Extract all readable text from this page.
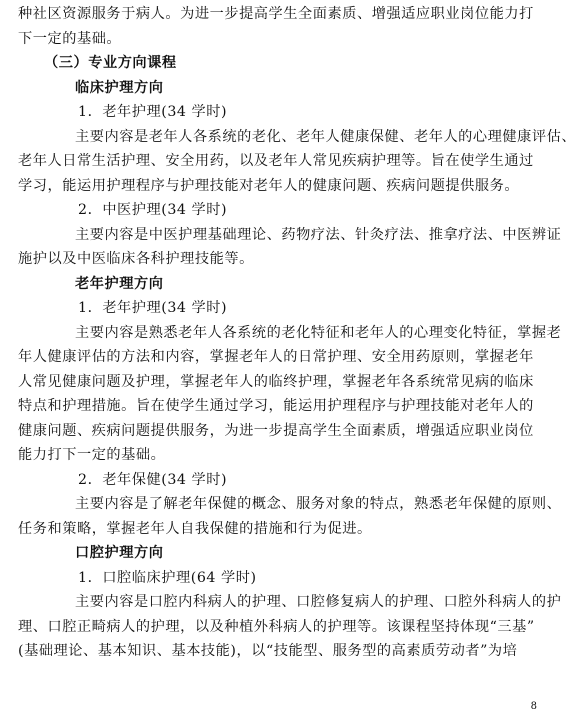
种社区资源服务于病人。为进一步提高学生全面素质、增强适应职业岗位能力打
下一定的基础。
（三）专业方向课程
临床护理方向
1．老年护理(34 学时)
主要内容是老年人各系统的老化、老年人健康保健、老年人的心理健康评估、
老年人日常生活护理、安全用药，以及老年人常见疾病护理等。旨在使学生通过
学习，能运用护理程序与护理技能对老年人的健康问题、疾病问题提供服务。
2．中医护理(34 学时)
主要内容是中医护理基础理论、药物疗法、针灸疗法、推拿疗法、中医辨证
施护以及中医临床各科护理技能等。
老年护理方向
1．老年护理(34 学时)
主要内容是熟悉老年人各系统的老化特征和老年人的心理变化特征，掌握老
年人健康评估的方法和内容，掌握老年人的日常护理、安全用药原则，掌握老年
人常见健康问题及护理，掌握老年人的临终护理，掌握老年各系统常见病的临床
特点和护理措施。旨在使学生通过学习，能运用护理程序与护理技能对老年人的
健康问题、疾病问题提供服务，为进一步提高学生全面素质，增强适应职业岗位
能力打下一定的基础。
2．老年保健(34 学时)
主要内容是了解老年保健的概念、服务对象的特点，熟悉老年保健的原则、
任务和策略，掌握老年人自我保健的措施和行为促进。
口腔护理方向
1．口腔临床护理(64 学时)
主要内容是口腔内科病人的护理、口腔修复病人的护理、口腔外科病人的护
理、口腔正畸病人的护理，以及种植外科病人的护理等。该课程坚持体现“三基”
(基础理论、基本知识、基本技能)，以“技能型、服务型的高素质劳动者”为培
8
